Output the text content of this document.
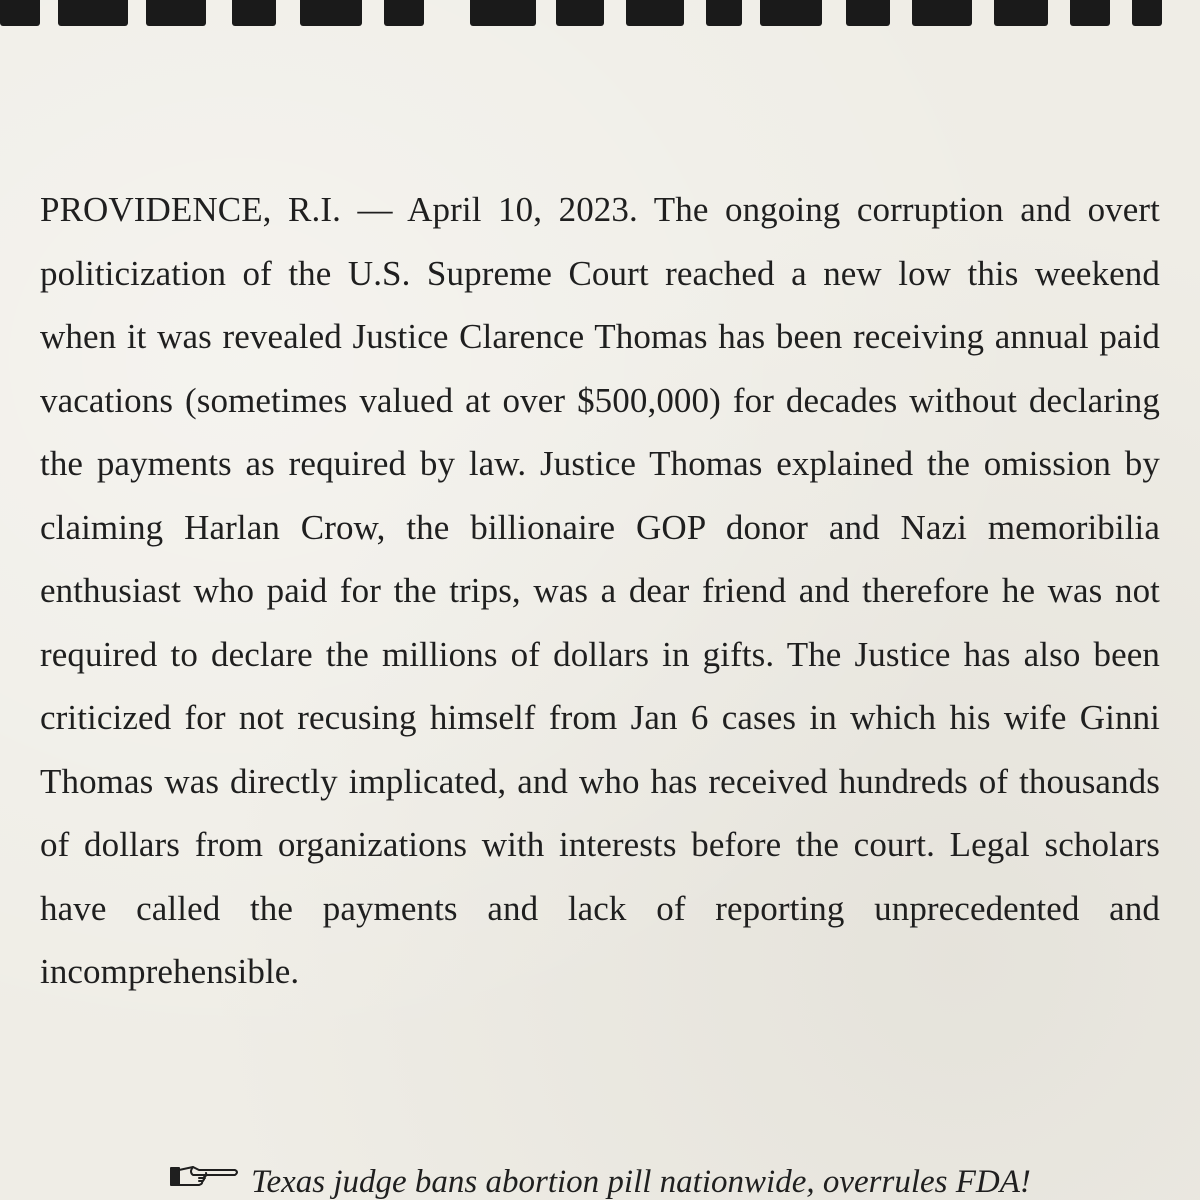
PROVIDENCE, R.I. — April 10, 2023. The ongoing corruption and overt politicization of the U.S. Supreme Court reached a new low this weekend when it was revealed Justice Clarence Thomas has been receiving annual paid vacations (sometimes valued at over $500,000) for decades without declaring the payments as required by law. Justice Thomas explained the omission by claiming Harlan Crow, the billionaire GOP donor and Nazi memoribilia enthusiast who paid for the trips, was a dear friend and therefore he was not required to declare the millions of dollars in gifts. The Justice has also been criticized for not recusing himself from Jan 6 cases in which his wife Ginni Thomas was directly implicated, and who has received hundreds of thousands of dollars from organizations with interests before the court. Legal scholars have called the payments and lack of reporting unprecedented and incomprehensible.

Texas judge bans abortion pill nationwide, overrules FDA!
